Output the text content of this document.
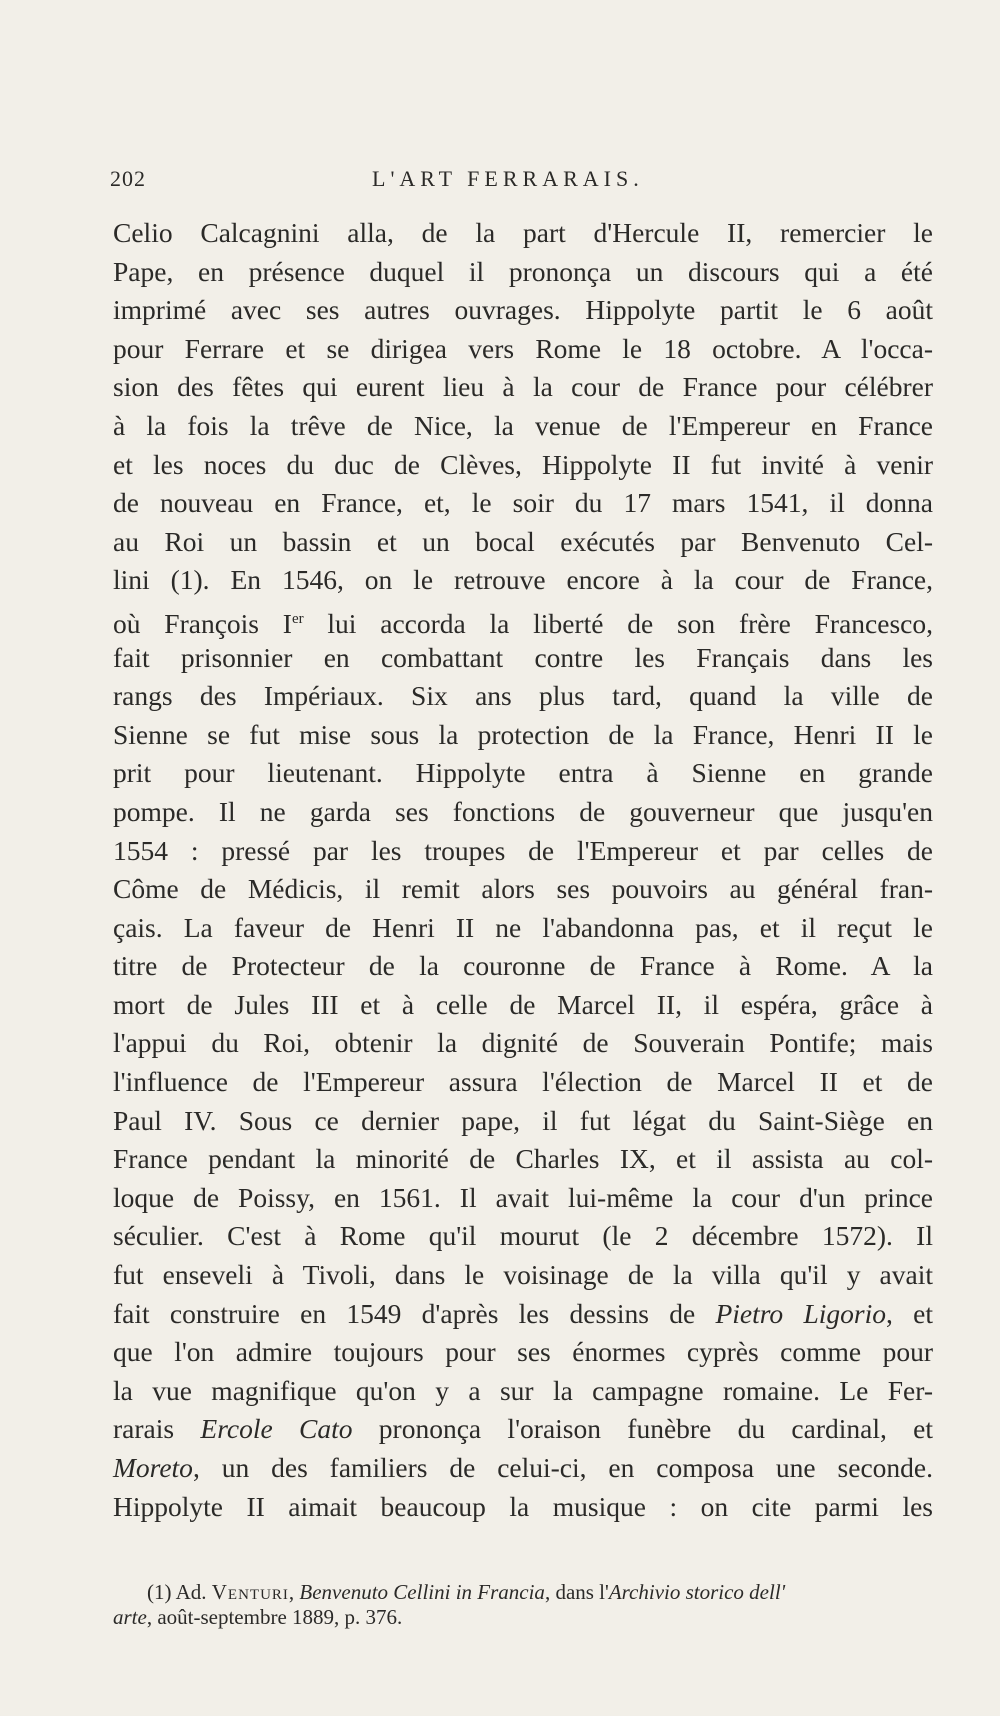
202	L'ART FERRARAIS.
Celio Calcagnini alla, de la part d'Hercule II, remercier le
Pape, en présence duquel il prononça un discours qui a été
imprimé avec ses autres ouvrages. Hippolyte partit le 6 août
pour Ferrare et se dirigea vers Rome le 18 octobre. A l'occa-
sion des fêtes qui eurent lieu à la cour de France pour célébrer
à la fois la trêve de Nice, la venue de l'Empereur en France
et les noces du duc de Clèves, Hippolyte II fut invité à venir
de nouveau en France, et, le soir du 17 mars 1541, il donna
au Roi un bassin et un bocal exécutés par Benvenuto Cel-
lini (1). En 1546, on le retrouve encore à la cour de France,
où François Ier lui accorda la liberté de son frère Francesco,
fait prisonnier en combattant contre les Français dans les
rangs des Impériaux. Six ans plus tard, quand la ville de
Sienne se fut mise sous la protection de la France, Henri II le
prit pour lieutenant. Hippolyte entra à Sienne en grande
pompe. Il ne garda ses fonctions de gouverneur que jusqu'en
1554 : pressé par les troupes de l'Empereur et par celles de
Côme de Médicis, il remit alors ses pouvoirs au général fran-
çais. La faveur de Henri II ne l'abandonna pas, et il reçut le
titre de Protecteur de la couronne de France à Rome. A la
mort de Jules III et à celle de Marcel II, il espéra, grâce à
l'appui du Roi, obtenir la dignité de Souverain Pontife; mais
l'influence de l'Empereur assura l'élection de Marcel II et de
Paul IV. Sous ce dernier pape, il fut légat du Saint-Siège en
France pendant la minorité de Charles IX, et il assista au col-
loque de Poissy, en 1561. Il avait lui-même la cour d'un prince
séculier. C'est à Rome qu'il mourut (le 2 décembre 1572). Il
fut enseveli à Tivoli, dans le voisinage de la villa qu'il y avait
fait construire en 1549 d'après les dessins de Pietro Ligorio, et
que l'on admire toujours pour ses énormes cyprès comme pour
la vue magnifique qu'on y a sur la campagne romaine. Le Fer-
rarais Ercole Cato prononça l'oraison funèbre du cardinal, et
Moreto, un des familiers de celui-ci, en composa une seconde.
Hippolyte II aimait beaucoup la musique : on cite parmi les
(1) Ad. Venturi, Benvenuto Cellini in Francia, dans l'Archivio storico dell'
arte, août-septembre 1889, p. 376.
